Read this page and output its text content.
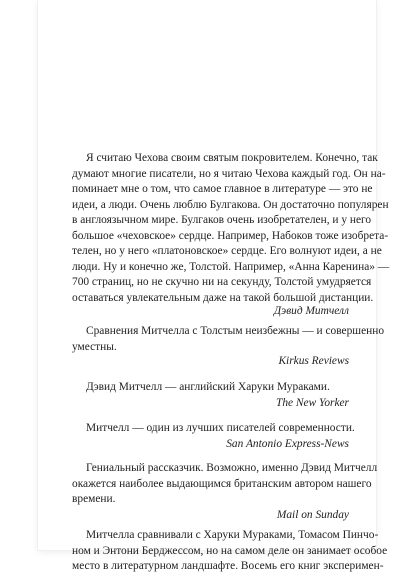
Я считаю Чехова своим святым покровителем. Конечно, так
думают многие писатели, но я читаю Чехова каждый год. Он на-
поминает мне о том, что самое главное в литературе — это не
идеи, а люди. Очень люблю Булгакова. Он достаточно популярен
в англоязычном мире. Булгаков очень изобретателен, и у него
большое «чеховское» сердце. Например, Набоков тоже изобрета-
телен, но у него «платоновское» сердце. Его волнуют идеи, а не
люди. Ну и конечно же, Толстой. Например, «Анна Каренина» —
700 страниц, но не скучно ни на секунду, Толстой умудряется
оставаться увлекательным даже на такой большой дистанции.
Дэвид Митчелл
Сравнения Митчелла с Толстым неизбежны — и совершенно
уместны.
Kirkus Reviews
Дэвид Митчелл — английский Харуки Мураками.
The New Yorker
Митчелл — один из лучших писателей современности.
San Antonio Express-News
Гениальный рассказчик. Возможно, именно Дэвид Митчелл
окажется наиболее выдающимся британским автором нашего
времени.
Mail on Sunday
Митчелла сравнивали с Харуки Мураками, Томасом Пинчо-
ном и Энтони Берджессом, но на самом деле он занимает особое
место в литературном ландшафте. Восемь его книг эксперимен-
